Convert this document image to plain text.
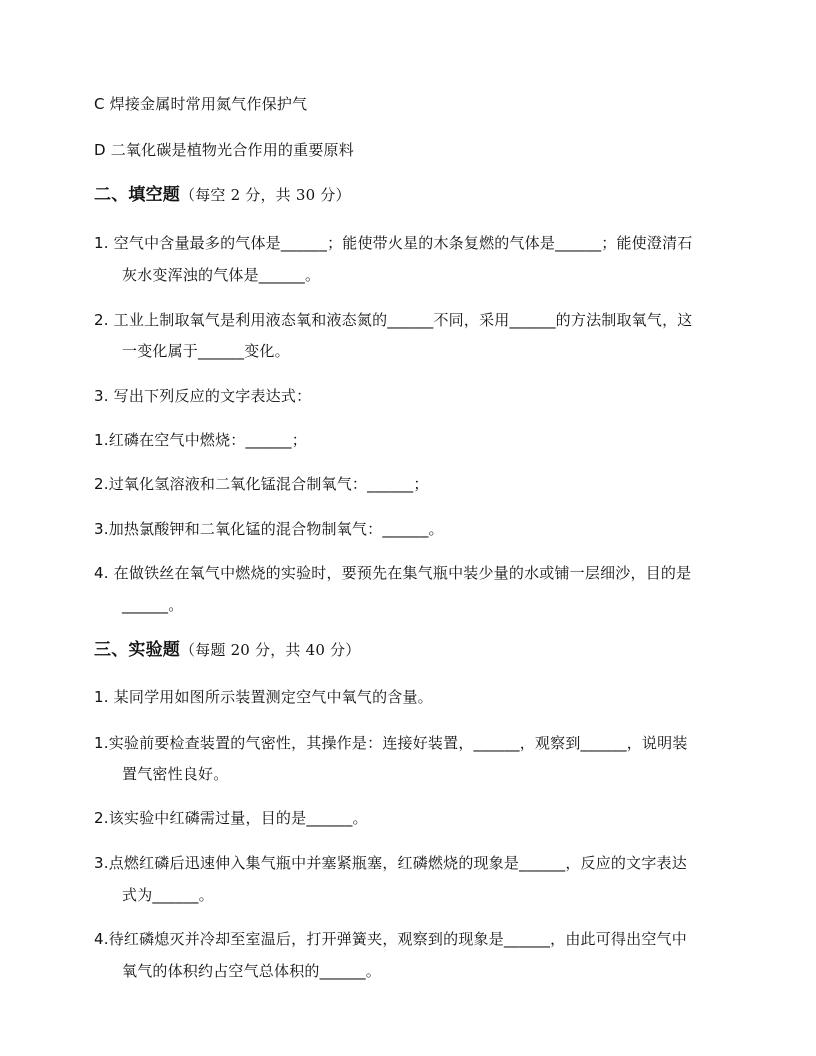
C 焊接金属时常用氮气作保护气
D 二氧化碳是植物光合作用的重要原料
二、填空题（每空 2 分，共 30 分）
1. 空气中含量最多的气体是______；能使带火星的木条复燃的气体是______；能使澄清石
灰水变浑浊的气体是______。
2. 工业上制取氧气是利用液态氧和液态氮的______不同，采用______的方法制取氧气，这
一变化属于______变化。
3. 写出下列反应的文字表达式：
1.红磷在空气中燃烧：______；
2.过氧化氢溶液和二氧化锰混合制氧气：______；
3.加热氯酸钾和二氧化锰的混合物制氧气：______。
4. 在做铁丝在氧气中燃烧的实验时，要预先在集气瓶中装少量的水或铺一层细沙，目的是
______。
三、实验题（每题 20 分，共 40 分）
1. 某同学用如图所示装置测定空气中氧气的含量。
1.实验前要检查装置的气密性，其操作是：连接好装置，______，观察到______，说明装
置气密性良好。
2.该实验中红磷需过量，目的是______。
3.点燃红磷后迅速伸入集气瓶中并塞紧瓶塞，红磷燃烧的现象是______，反应的文字表达
式为______。
4.待红磷熄灭并冷却至室温后，打开弹簧夹，观察到的现象是______，由此可得出空气中
氧气的体积约占空气总体积的______。
